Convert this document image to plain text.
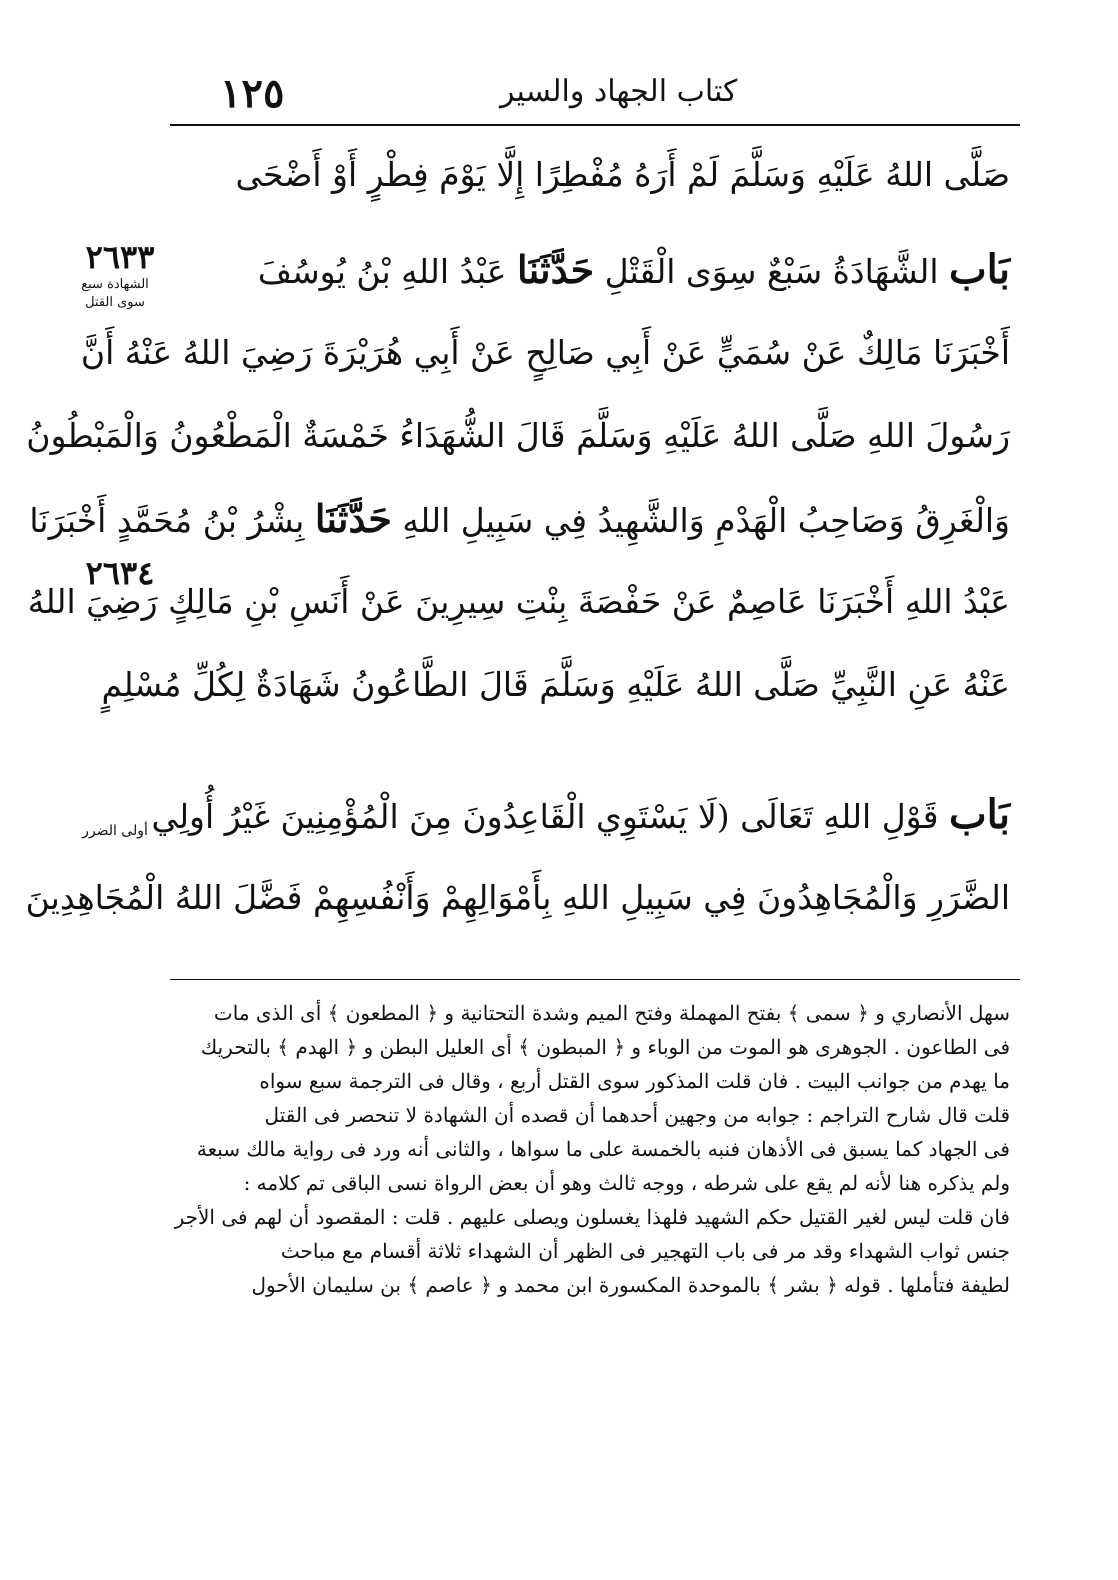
١٢٥	كتاب الجهاد والسير
صَلَّى اللهُ عَلَيْهِ وَسَلَّمَ لَمْ أَرَهُ مُفْطِرًا إِلَّا يَوْمَ فِطْرٍ أَوْ أَضْحَى
بَاب الشَّهَادَةُ سَبْعٌ سِوَى الْقَتْلِ حَدَّثَنَا عَبْدُ اللهِ بْنُ يُوسُفَ
أَخْبَرَنَا مَالِكٌ عَنْ سُمَيٍّ عَنْ أَبِي صَالِحٍ عَنْ أَبِي هُرَيْرَةَ رَضِيَ اللهُ عَنْهُ أَنَّ
رَسُولَ اللهِ صَلَّى اللهُ عَلَيْهِ وَسَلَّمَ قَالَ الشُّهَدَاءُ خَمْسَةٌ الْمَطْعُونُ وَالْمَبْطُونُ
وَالْغَرِقُ وَصَاحِبُ الْهَدْمِ وَالشَّهِيدُ فِي سَبِيلِ اللهِ حَدَّثَنَا بِشْرُ بْنُ مُحَمَّدٍ أَخْبَرَنَا
عَبْدُ اللهِ أَخْبَرَنَا عَاصِمٌ عَنْ حَفْصَةَ بِنْتِ سِيرِينَ عَنْ أَنَسِ بْنِ مَالِكٍ رَضِيَ اللهُ
عَنْهُ عَنِ النَّبِيِّ صَلَّى اللهُ عَلَيْهِ وَسَلَّمَ قَالَ الطَّاعُونُ شَهَادَةٌ لِكُلِّ مُسْلِمٍ
بَاب قَوْلِ اللهِ تَعَالَى (لَا يَسْتَوِي الْقَاعِدُونَ مِنَ الْمُؤْمِنِينَ غَيْرُ أُولِي
الضَّرَرِ وَالْمُجَاهِدُونَ فِي سَبِيلِ اللهِ بِأَمْوَالِهِمْ وَأَنْفُسِهِمْ فَضَّلَ اللهُ الْمُجَاهِدِينَ
٢٦٣٣
الشهادة سبع
سوى القتل
٢٦٣٤
أولى الضرر
سهل الأنصاري و ﴿ سمى ﴾ بفتح المهملة وفتح الميم وشدة التحتانية و ﴿ المطعون ﴾ أى الذى مات
فى الطاعون . الجوهرى هو الموت من الوباء و ﴿ المبطون ﴾ أى العليل البطن و ﴿ الهدم ﴾ بالتحريك
ما يهدم من جوانب البيت . فان قلت المذكور سوى القتل أربع ، وقال فى الترجمة سبع سواه
قلت قال شارح التراجم : جوابه من وجهين أحدهما أن قصده أن الشهادة لا تنحصر فى القتل
فى الجهاد كما يسبق فى الأذهان فنبه بالخمسة على ما سواها ، والثانى أنه ورد فى رواية مالك سبعة
ولم يذكره هنا لأنه لم يقع على شرطه ، ووجه ثالث وهو أن بعض الرواة نسى الباقى تم كلامه :
فان قلت ليس لغير القتيل حكم الشهيد فلهذا يغسلون ويصلى عليهم . قلت : المقصود أن لهم فى الأجر
جنس ثواب الشهداء وقد مر فى باب التهجير فى الظهر أن الشهداء ثلاثة أقسام مع مباحث
لطيفة فتأملها . قوله ﴿ بشر ﴾ بالموحدة المكسورة ابن محمد و ﴿ عاصم ﴾ بن سليمان الأحول
